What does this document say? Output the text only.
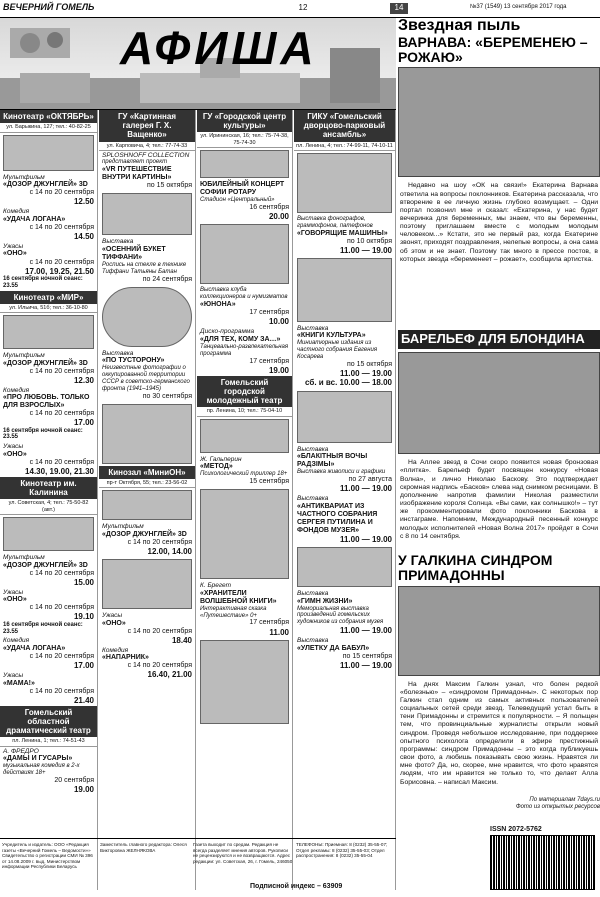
ВЕЧЕРНИЙ ГОМЕЛЬ	12	14	№37 (1549) 13 сентября 2017 года
АФИША
Кинотеатр «ОКТЯБРЬ»
ул. Барыкина, 127; тел.: 40-82-25
Мультфильм
«ДОЗОР ДЖУНГЛЕЙ» 3D
с 14 по 20 сентября
12.50
Комедия
«УДАЧА ЛОГАНА»
с 14 по 20 сентября
14.50
Ужасы
«ОНО»
с 14 по 20 сентября
17.00, 19.25, 21.50
16 сентября ночной сеанс: 23.55
Кинотеатр «МИР»
ул. Ильича, 51б; тел.: 36-10-80
Мультфильм
«ДОЗОР ДЖУНГЛЕЙ» 3D
с 14 по 20 сентября
12.30
Комедия
«ПРО ЛЮБОВЬ. ТОЛЬКО ДЛЯ ВЗРОСЛЫХ»
с 14 по 20 сентября
17.00
16 сентября ночной сеанс: 23.55
Ужасы
«ОНО»
с 14 по 20 сентября
14.30, 19.00, 21.30
Кинотеатр им. Калинина
ул. Советская, 4; тел.: 75-50-82 (авт.)
Мультфильм
«ДОЗОР ДЖУНГЛЕЙ» 3D
с 14 по 20 сентября
15.00
Ужасы
«ОНО»
с 14 по 20 сентября
19.10
16 сентября ночной сеанс: 23.55
Комедия
«УДАЧА ЛОГАНА»
с 14 по 20 сентября
17.00
Ужасы
«МАМА!»
с 14 по 20 сентября
21.40
Гомельский областной драматический театр
пл. Ленина, 1; тел.: 74-51-43
А. ФРЕДРО
«ДАМЫ И ГУСАРЫ»
музыкальная комедия в 2-х действиях 18+
20 сентября
19.00
ГУ «Картинная галерея Г. Х. Ващенко»
ул. Карповича, 4; тел.: 77-74-33
SPLOSHNOFF COLLECTION
представляет проект
«VR ПУТЕШЕСТВИЕ ВНУТРИ КАРТИНЫ»
по 15 октября
Выставка
«ОСЕННИЙ БУКЕТ ТИФФАНИ»
Роспись на стекле в технике Тиффани Татьяны Батан
по 24 сентября
Выставка
«ПО ТУСТОРОНУ»
Неизвестные фотографии о оккупированной территории СССР в советско-германского фронта (1941–1945)
по 30 сентября
Кинозал «МиниОН»
пр-т Октября, 55; тел.: 23-56-02
Мультфильм
«ДОЗОР ДЖУНГЛЕЙ» 3D
с 14 по 20 сентября
12.00, 14.00
Ужасы
«ОНО»
с 14 по 20 сентября
18.40
Комедия
«НАПАРНИК»
с 14 по 20 сентября
16.40, 21.00
ГУ «Городской центр культуры»
ул. Ирининская, 16; тел.: 75-74-38, 75-74-30
ЮБИЛЕЙНЫЙ КОНЦЕРТ СОФИИ РОТАРУ
Стадион «Центральный»
16 сентября
20.00
Выставка клуба коллекционеров и нумизматов
«ЮНОНА»
17 сентября
10.00
Диско-программа
«ДЛЯ ТЕХ, КОМУ ЗА…»
Танцевально-развлекательная программа
17 сентября
19.00
Гомельский городской молодежный театр
пр. Ленина, 10; тел.: 75-04-10
Ж. Гальперин
«МЕТОД»
Психологический триллер 18+
15 сентября
К. Брегет
«ХРАНИТЕЛИ ВОЛШЕБНОЙ КНИГИ»
Интерактивная сказка «Путешествие» 0+
17 сентября
11.00
ГИКУ «Гомельский дворцово-парковый ансамбль»
пл. Ленина, 4; тел.: 74-99-11, 74-10-11
Выставка фонографов, граммофонов, патефонов
«ГОВОРЯЩИЕ МАШИНЫ»
по 10 октября
11.00 — 19.00
Выставка
«КНИГИ КУЛЬТУРА»
Миниатюрные издания из частного собрания Евгения Косарева
по 15 октября
11.00 — 19.00
сб. и вс. 10.00 — 18.00
Выставка
«БЛАКІТНЫЯ ВОЧЫ РАДЗІМЫ»
Выставка живописи и графики
по 27 августа
11.00 — 19.00
Выставка
«АНТИКВАРИАТ ИЗ ЧАСТНОГО СОБРАНИЯ СЕРГЕЯ ПУТИЛИНА И ФОНДОВ МУЗЕЯ»
11.00 — 19.00
Выставка
«ГИМН ЖИЗНИ»
Мемориальная выставка произведений гомельских художников из собрания музея
11.00 — 19.00
Выставка
«УЛЕТКУ ДА БАБУЛ»
по 15 сентября
11.00 — 19.00
Звездная пыль
ВАРНАВА: «БЕРЕМЕНЕЮ – РОЖАЮ»
Недавно на шоу «ОК на связи!» Екатерина Варнава ответила на вопросы поклонников. Екатерина рассказала, что втворение в ее личную жизнь глубоко возмущает. – Одни портал позвонил мне и сказал: «Екатерина, у нас будет вечеринка для беременных, мы знаем, что вы беременны, поэтому приглашаем вместе с молодым молодым человеком...» Кстати, это не первый раз, когда Екатерине звонят, приходят поздравления, нелепые вопросы, а она сама об этом и не знает. Поэтому так много в прессе постов, в которых звезда «беременеет – рожает», сообщила артистка.
БАРЕЛЬЕФ ДЛЯ БЛОНДИНА
На Аллее звезд в Сочи скоро появится новая бронзовая «плитка». Барельеф будет посвящен конкурсу «Новая Волна», и лично Николаю Баскову. Это подтверждает скромная надпись «Басков» слева над снимком ресницами. В дополнение напротив фамилии Николая разместили изображение короля Солнца. «Вы сами, как солнышко!» – тут же прокомментировали фото поклонники Баскова в инстаграме. Напомним, Международный песенный конкурс молодых исполнителей «Новая Волна 2017» пройдет в Сочи с 8 по 14 сентября.
У ГАЛКИНА СИНДРОМ ПРИМАДОННЫ
На днях Максим Галкин узнал, что болен редкой «болезнью» – «синдромом Примадонны». С некоторых пор Галкин стал одним из самых активных пользователей социальных сетей среди звезд. Телеведущий устал быть в тени Примадонны и стремится к популярности. – Я польщен тем, что провинциальные журналисты открыли новый синдром. Проведя небольшое исследование, при поддержке опытного психолога определили в эфире престижный программы: синдром Примадонны – это когда публикуешь свои фото, а любишь показывать свою жизнь. Нравятся ли мне фото? Да, но, скорее, мне нравится, что фото нравятся людям, что им нравится не только то, что делает Алла Борисовна. – написал Максим.
По материалам 7days.ru
Фото из открытых ресурсов
Учредитель и издатель: ООО «Редакция газеты «Вечерний Гомель – Ведомости»» Свидетельство о регистрации СМИ № 396 от 14.08.2009 г. выд. Министерством информации Республики Беларусь
Заместитель главного редактора: Олеся Викторовна ЖЕЛНЯКОВА
Газета выходит по средам. Редакция не всегда разделяет мнения авторов. Рукописи не рецензируются и не возвращаются. Адрес редакции: ул. Советская, 26, г. Гомель, 246050
ТЕЛЕФОНЫ: Приемная: 8 (0232) 35-55-07; Отдел рекламы: 8 (0232) 35-55-03; Отдел распространения: 8 (0232) 35-55-04
Подписной индекс – 63909
ISSN 2072-5762
